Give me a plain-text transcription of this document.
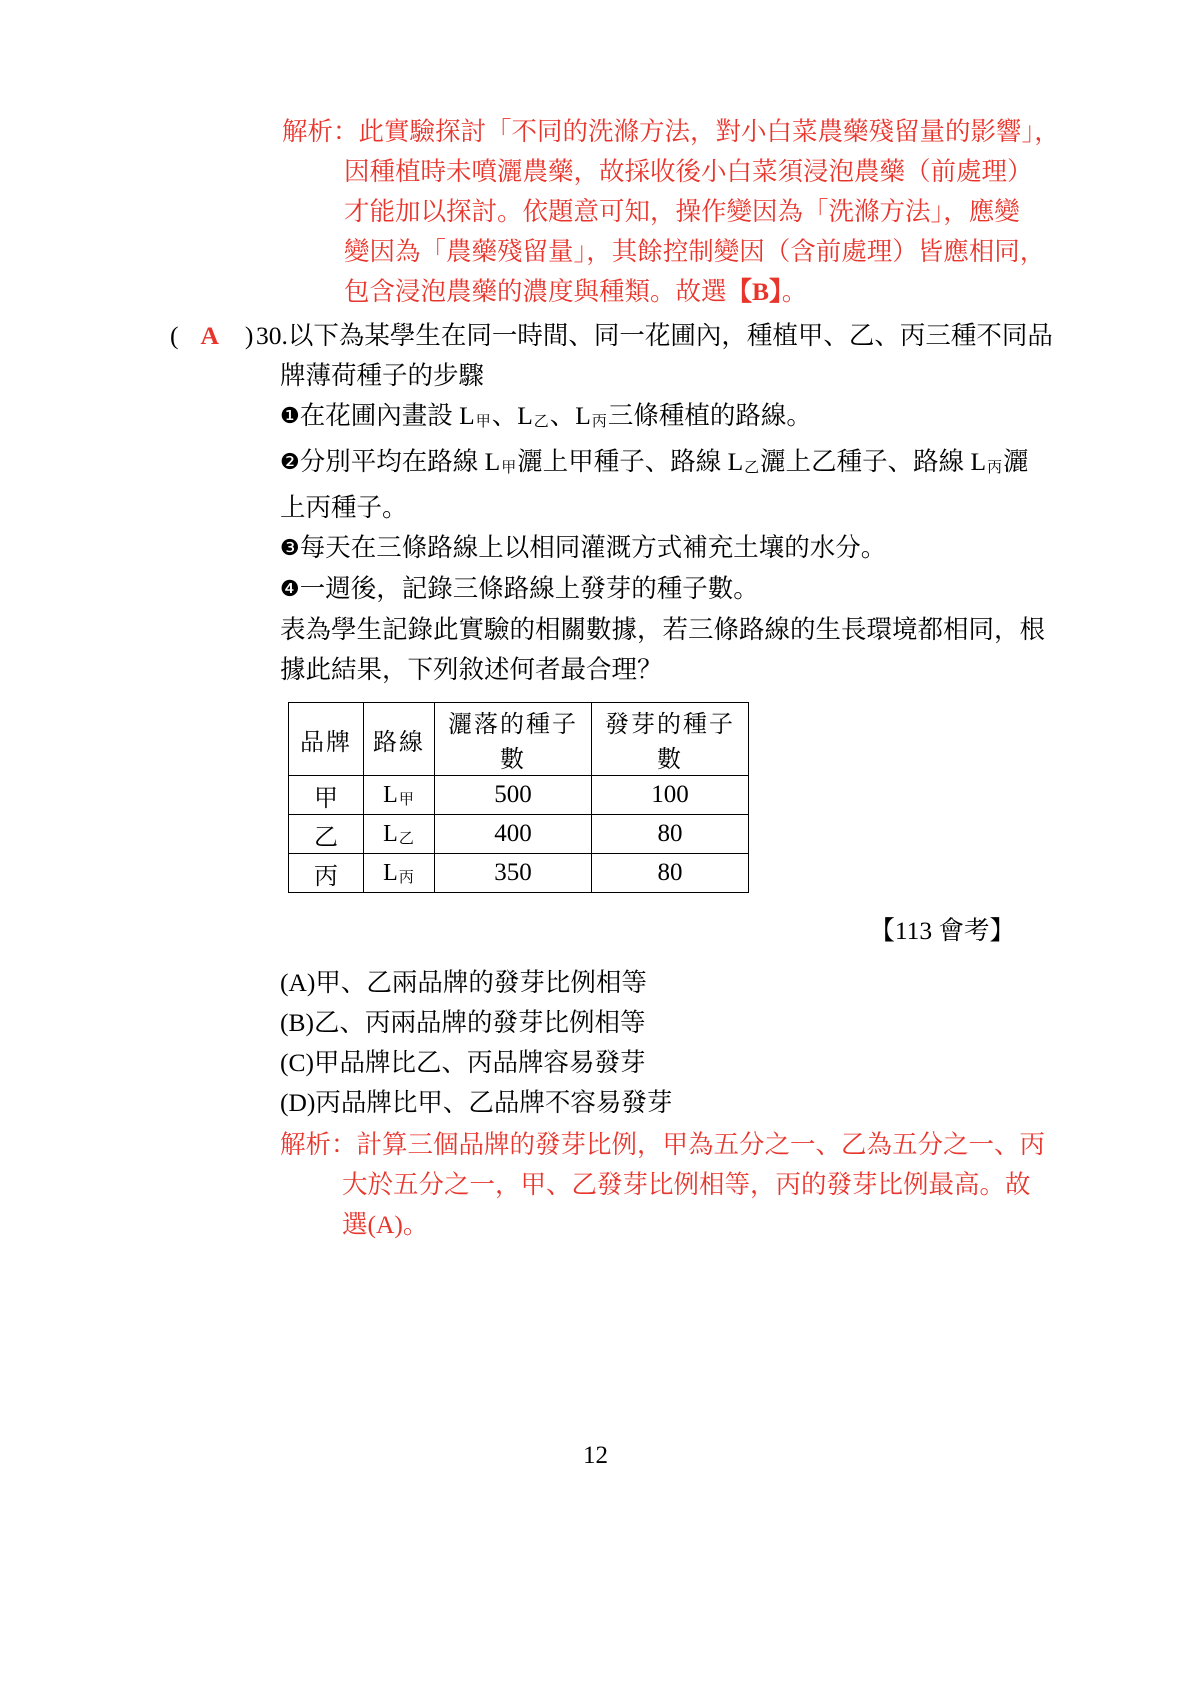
解析：此實驗探討「不同的洗滌方法，對小白菜農藥殘留量的影響」，
因種植時未噴灑農藥，故採收後小白菜須浸泡農藥（前處理）
才能加以探討。依題意可知，操作變因為「洗滌方法」，應變
變因為「農藥殘留量」，其餘控制變因（含前處理）皆應相同，
包含浸泡農藥的濃度與種類。故選【B】。
( A ) 30.以下為某學生在同一時間、同一花圃內，種植甲、乙、丙三種不同品
牌薄荷種子的步驟
❶在花圃內畫設 L甲、L乙、L丙三條種植的路線。
❷分別平均在路線 L甲灑上甲種子、路線 L乙灑上乙種子、路線 L丙灑
上丙種子。
❸每天在三條路線上以相同灌溉方式補充土壤的水分。
❹一週後，記錄三條路線上發芽的種子數。
表為學生記錄此實驗的相關數據，若三條路線的生長環境都相同，根
據此結果，下列敘述何者最合理？
品牌	路線	灑落的種子數	發芽的種子數
甲	L甲	500	100
乙	L乙	400	80
丙	L丙	350	80
【113 會考】
(A)甲、乙兩品牌的發芽比例相等
(B)乙、丙兩品牌的發芽比例相等
(C)甲品牌比乙、丙品牌容易發芽
(D)丙品牌比甲、乙品牌不容易發芽
解析：計算三個品牌的發芽比例，甲為五分之一、乙為五分之一、丙
大於五分之一，甲、乙發芽比例相等，丙的發芽比例最高。故
選(A)。
12
